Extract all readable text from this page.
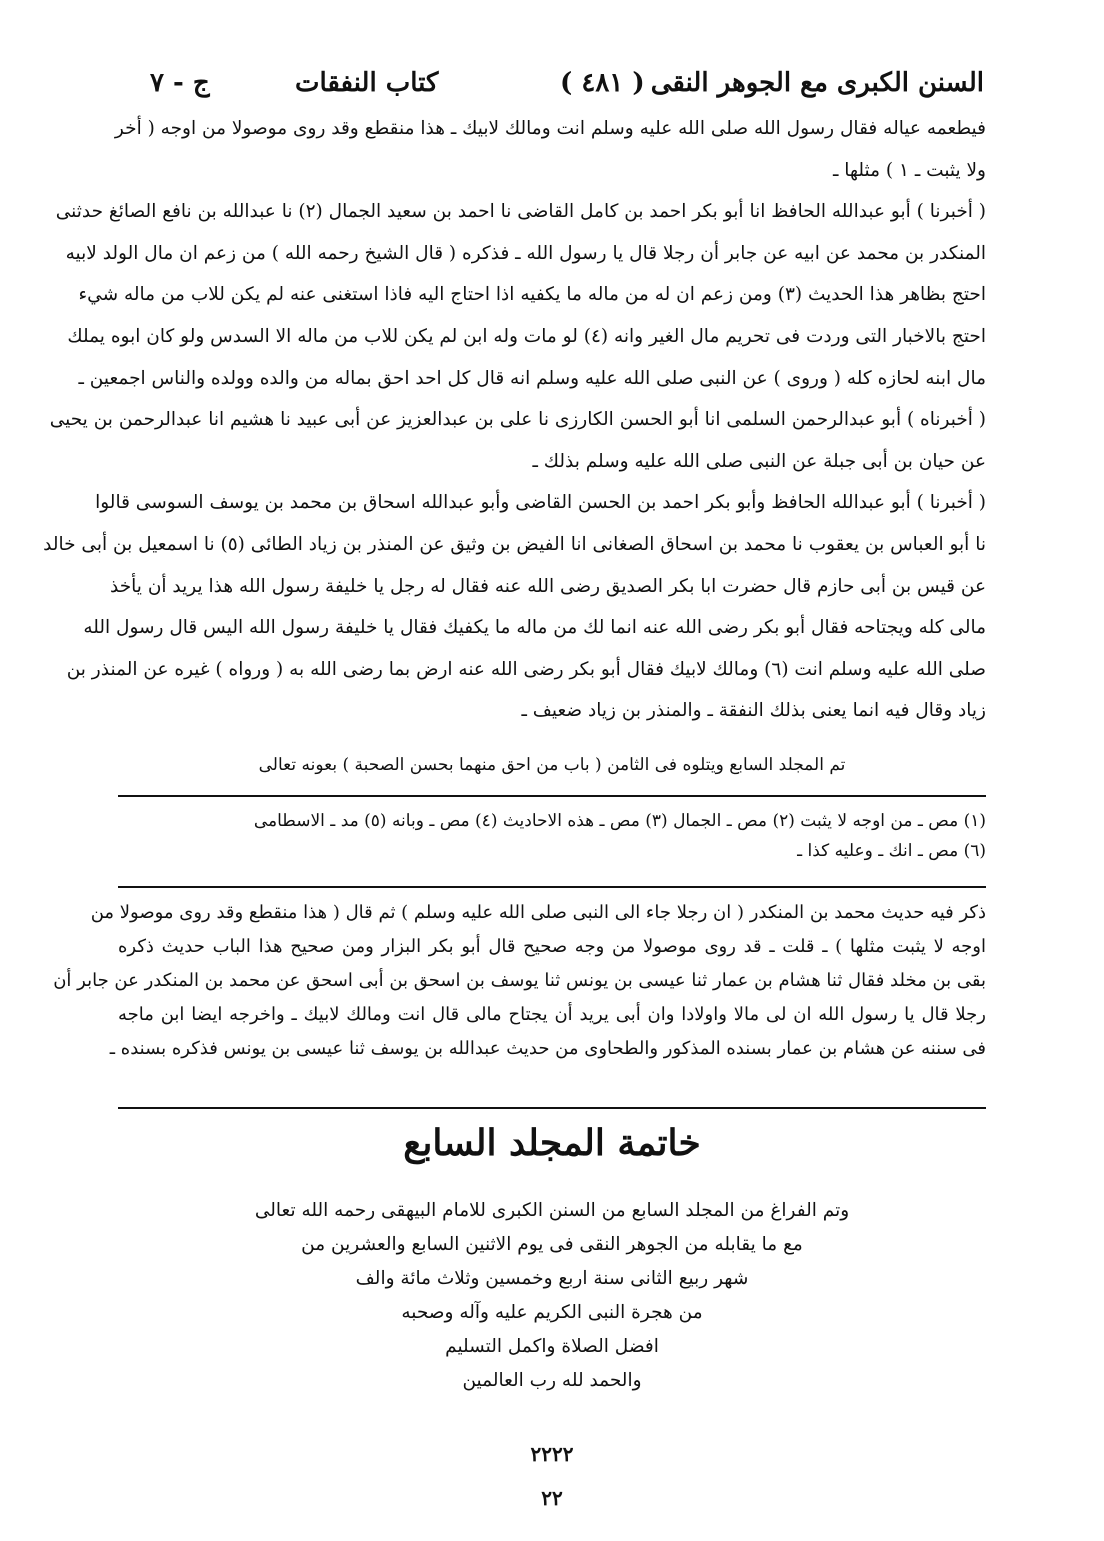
السنن الكبرى مع الجوهر النقى
( ٤٨١ )
كتاب النفقات
ج - ٧
فيطعمه عياله فقال رسول الله صلى الله عليه وسلم انت ومالك لابيك ـ هذا منقطع وقد روى موصولا من اوجه ( أخر
ولا يثبت ـ ١ ) مثلها ـ
( أخبرنا ) أبو عبدالله الحافظ انا أبو بكر احمد بن كامل القاضى نا احمد بن سعيد الجمال (٢) نا عبدالله بن نافع الصائغ حدثنى
المنكدر بن محمد عن ابيه عن جابر أن رجلا قال يا رسول الله ـ فذكره ( قال الشيخ رحمه الله ) من زعم ان مال الولد لابيه
احتج بظاهر هذا الحديث (٣) ومن زعم ان له من ماله ما يكفيه اذا احتاج اليه فاذا استغنى عنه لم يكن للاب من ماله شيء
احتج بالاخبار التى وردت فى تحريم مال الغير وانه (٤) لو مات وله ابن لم يكن للاب من ماله الا السدس ولو كان ابوه يملك
مال ابنه لحازه كله ( وروى ) عن النبى صلى الله عليه وسلم انه قال كل احد احق بماله من والده وولده والناس اجمعين ـ
( أخبرناه ) أبو عبدالرحمن السلمى انا أبو الحسن الكارزى نا على بن عبدالعزيز عن أبى عبيد نا هشيم انا عبدالرحمن بن يحيى
عن حيان بن أبى جبلة عن النبى صلى الله عليه وسلم بذلك ـ
( أخبرنا ) أبو عبدالله الحافظ وأبو بكر احمد بن الحسن القاضى وأبو عبدالله اسحاق بن محمد بن يوسف السوسى قالوا
نا أبو العباس بن يعقوب نا محمد بن اسحاق الصغانى انا الفيض بن وثيق عن المنذر بن زياد الطائى (٥) نا اسمعيل بن أبى خالد
عن قيس بن أبى حازم قال حضرت ابا بكر الصديق رضى الله عنه فقال له رجل يا خليفة رسول الله هذا يريد أن يأخذ
مالى كله ويجتاحه فقال أبو بكر رضى الله عنه انما لك من ماله ما يكفيك فقال يا خليفة رسول الله اليس قال رسول الله
صلى الله عليه وسلم انت (٦) ومالك لابيك فقال أبو بكر رضى الله عنه ارض بما رضى الله به ( ورواه ) غيره عن المنذر بن
زياد وقال فيه انما يعنى بذلك النفقة ـ والمنذر بن زياد ضعيف ـ
تم المجلد السابع ويتلوه فى الثامن ( باب من احق منهما بحسن الصحبة ) بعونه تعالى
(١) مص ـ من اوجه لا يثبت (٢) مص ـ الجمال (٣) مص ـ هذه الاحاديث (٤) مص ـ وبانه (٥) مد ـ الاسطامى
(٦) مص ـ انك ـ وعليه كذا ـ
ذكر فيه حديث محمد بن المنكدر ( ان رجلا جاء الى النبى صلى الله عليه وسلم ) ثم قال ( هذا منقطع وقد روى موصولا من
اوجه لا يثبت مثلها ) ـ قلت ـ قد روى موصولا من وجه صحيح قال أبو بكر البزار ومن صحيح هذا الباب حديث ذكره
بقى بن مخلد فقال ثنا هشام بن عمار ثنا عيسى بن يونس ثنا يوسف بن اسحق بن أبى اسحق عن محمد بن المنكدر عن جابر أن
رجلا قال يا رسول الله ان لى مالا واولادا وان أبى يريد أن يجتاح مالى قال انت ومالك لابيك ـ واخرجه ايضا ابن ماجه
فى سننه عن هشام بن عمار بسنده المذكور والطحاوى من حديث عبدالله بن يوسف ثنا عيسى بن يونس فذكره بسنده ـ
خاتمة المجلد السابع
وتم الفراغ من المجلد السابع من السنن الكبرى للامام البيهقى رحمه الله تعالى
مع ما يقابله من الجوهر النقى فى يوم الاثنين السابع والعشرين من
شهر ربيع الثانى سنة اربع وخمسين وثلاث مائة والف
من هجرة النبى الكريم عليه وآله وصحبه
افضل الصلاة واكمل التسليم
والحمد لله رب العالمين
٢٢٢٢
٢٢
